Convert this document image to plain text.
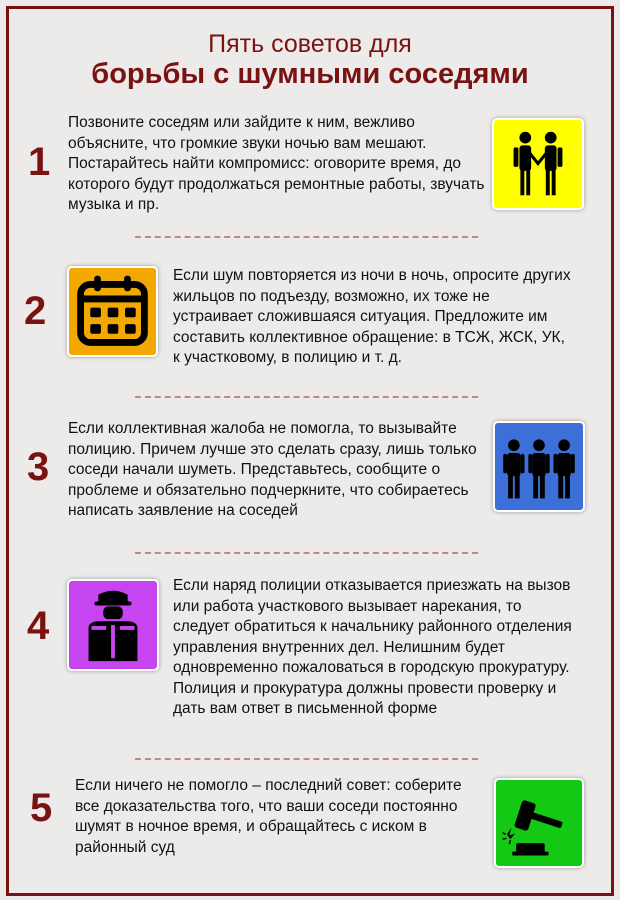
Пять советов для
борьбы с шумными соседями
1

Позвоните соседям или зайдите к ним, вежливо объясните, что громкие звуки ночью вам мешают. Постарайтесь найти компромисс: оговорите время, до которого будут продолжаться ремонтные работы, звучать музыка и пр.

2

Если шум повторяется из ночи в ночь, опросите других жильцов по подъезду, возможно, их тоже не устраивает сложившаяся ситуация. Предложите им составить коллективное обращение: в ТСЖ, ЖСК, УК, к участковому, в полицию и т. д.

3

Если коллективная жалоба не помогла, то вызывайте полицию. Причем лучше это сделать сразу, лишь только соседи начали шуметь. Представьтесь, сообщите о проблеме и обязательно подчеркните, что собираетесь написать заявление на соседей

4

Если наряд полиции отказывается приезжать на вызов или работа участкового вызывает нарекания, то следует обратиться к начальнику районного отделения управления внутренних дел. Нелишним будет одновременно пожаловаться в городскую прокуратуру. Полиция и прокуратура должны провести проверку и дать вам ответ в письменной форме

5

Если ничего не помогло – последний совет: соберите все доказательства того, что ваши соседи постоянно шумят в ночное время, и обращайтесь с иском в районный суд
